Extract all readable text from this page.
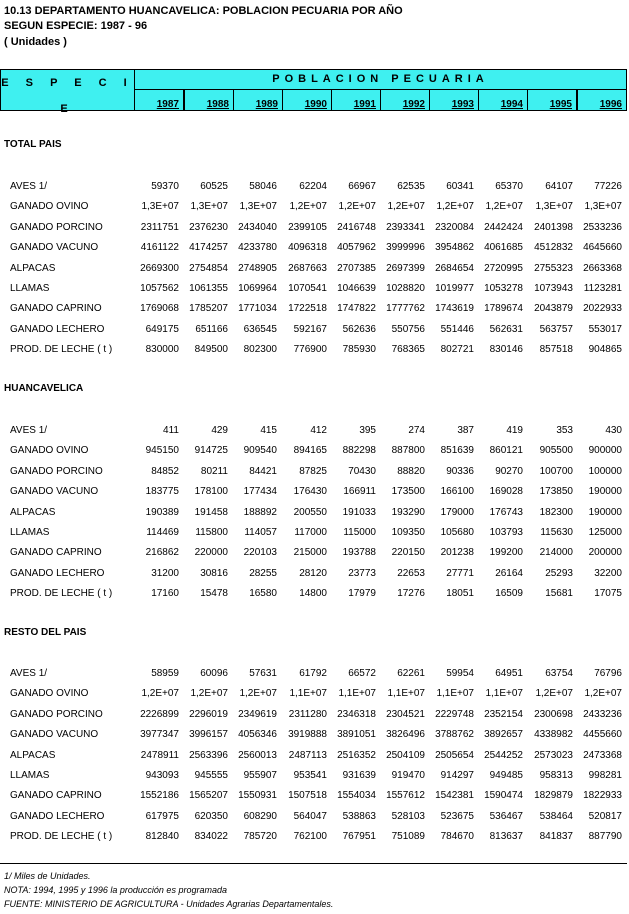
10.13 DEPARTAMENTO HUANCAVELICA: POBLACION PECUARIA POR AÑO
SEGUN ESPECIE: 1987 - 96
( Unidades )
E S P E C I E
POBLACION PECUARIA
1987	1988	1989	1990	1991	1992	1993	1994	1995	1996
TOTAL PAIS
AVES 1/	59370	60525	58046	62204	66967	62535	60341	65370	64107	77226
GANADO OVINO	1,3E+07	1,3E+07	1,3E+07	1,2E+07	1,2E+07	1,2E+07	1,2E+07	1,2E+07	1,3E+07	1,3E+07
GANADO PORCINO	2311751	2376230	2434040	2399105	2416748	2393341	2320084	2442424	2401398	2533236
GANADO VACUNO	4161122	4174257	4233780	4096318	4057962	3999996	3954862	4061685	4512832	4645660
ALPACAS	2669300	2754854	2748905	2687663	2707385	2697399	2684654	2720995	2755323	2663368
LLAMAS	1057562	1061355	1069964	1070541	1046639	1028820	1019977	1053278	1073943	1123281
GANADO CAPRINO	1769068	1785207	1771034	1722518	1747822	1777762	1743619	1789674	2043879	2022933
GANADO LECHERO	649175	651166	636545	592167	562636	550756	551446	562631	563757	553017
PROD. DE LECHE ( t )	830000	849500	802300	776900	785930	768365	802721	830146	857518	904865
HUANCAVELICA
AVES 1/	411	429	415	412	395	274	387	419	353	430
GANADO OVINO	945150	914725	909540	894165	882298	887800	851639	860121	905500	900000
GANADO PORCINO	84852	80211	84421	87825	70430	88820	90336	90270	100700	100000
GANADO VACUNO	183775	178100	177434	176430	166911	173500	166100	169028	173850	190000
ALPACAS	190389	191458	188892	200550	191033	193290	179000	176743	182300	190000
LLAMAS	114469	115800	114057	117000	115000	109350	105680	103793	115630	125000
GANADO CAPRINO	216862	220000	220103	215000	193788	220150	201238	199200	214000	200000
GANADO LECHERO	31200	30816	28255	28120	23773	22653	27771	26164	25293	32200
PROD. DE LECHE ( t )	17160	15478	16580	14800	17979	17276	18051	16509	15681	17075
RESTO DEL PAIS
AVES 1/	58959	60096	57631	61792	66572	62261	59954	64951	63754	76796
GANADO OVINO	1,2E+07	1,2E+07	1,2E+07	1,1E+07	1,1E+07	1,1E+07	1,1E+07	1,1E+07	1,2E+07	1,2E+07
GANADO PORCINO	2226899	2296019	2349619	2311280	2346318	2304521	2229748	2352154	2300698	2433236
GANADO VACUNO	3977347	3996157	4056346	3919888	3891051	3826496	3788762	3892657	4338982	4455660
ALPACAS	2478911	2563396	2560013	2487113	2516352	2504109	2505654	2544252	2573023	2473368
LLAMAS	943093	945555	955907	953541	931639	919470	914297	949485	958313	998281
GANADO CAPRINO	1552186	1565207	1550931	1507518	1554034	1557612	1542381	1590474	1829879	1822933
GANADO LECHERO	617975	620350	608290	564047	538863	528103	523675	536467	538464	520817
PROD. DE LECHE ( t )	812840	834022	785720	762100	767951	751089	784670	813637	841837	887790
1/ Miles de Unidades.
NOTA: 1994, 1995 y 1996 la producción es programada
FUENTE: MINISTERIO DE AGRICULTURA - Unidades Agrarias Departamentales.
